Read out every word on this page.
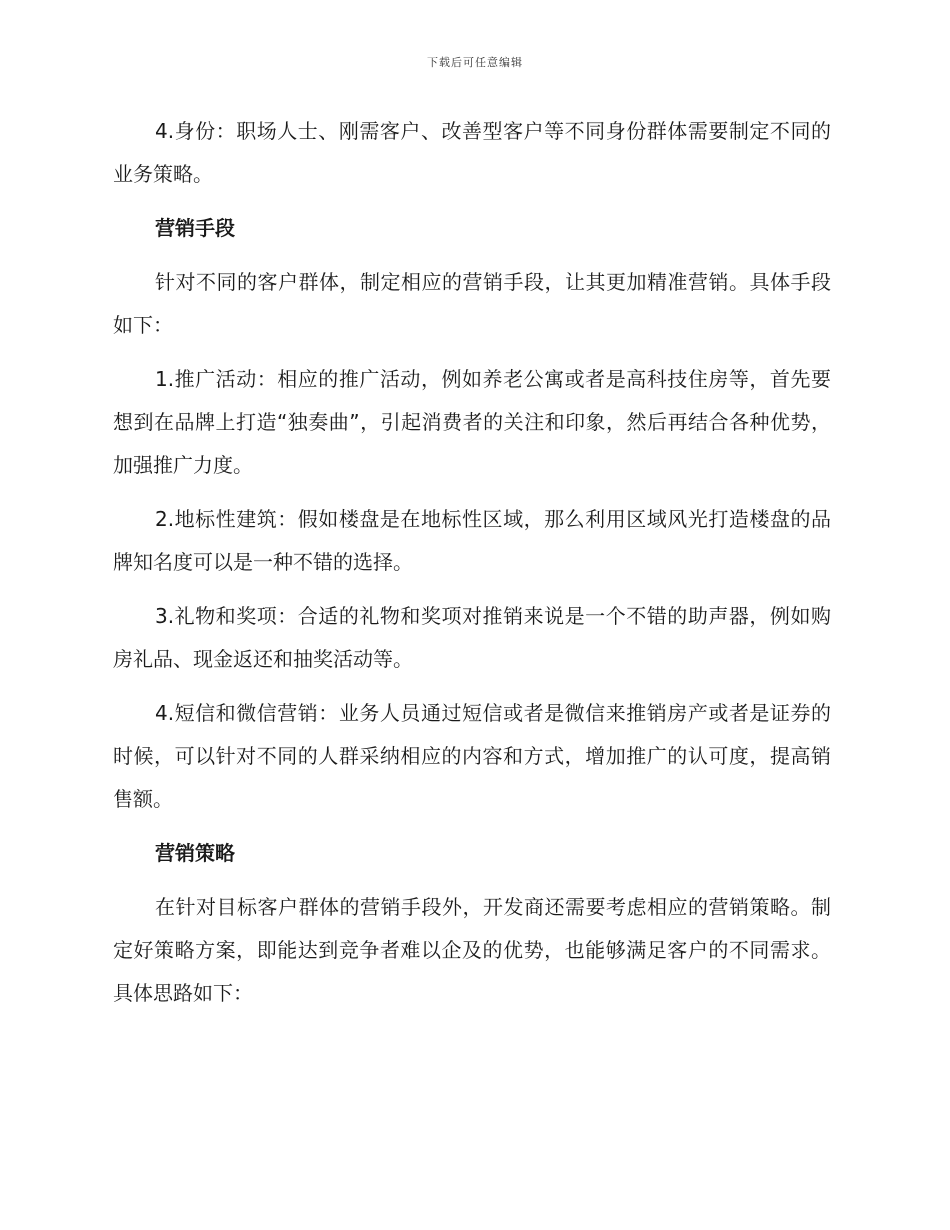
下载后可任意编辑

4.身份：职场人士、刚需客户、改善型客户等不同身份群体需要制定不同的业务策略。

营销手段

针对不同的客户群体，制定相应的营销手段，让其更加精准营销。具体手段如下：

1.推广活动：相应的推广活动，例如养老公寓或者是高科技住房等，首先要想到在品牌上打造“独奏曲”，引起消费者的关注和印象，然后再结合各种优势，加强推广力度。

2.地标性建筑：假如楼盘是在地标性区域，那么利用区域风光打造楼盘的品牌知名度可以是一种不错的选择。

3.礼物和奖项：合适的礼物和奖项对推销来说是一个不错的助声器，例如购房礼品、现金返还和抽奖活动等。

4.短信和微信营销：业务人员通过短信或者是微信来推销房产或者是证券的时候，可以针对不同的人群采纳相应的内容和方式，增加推广的认可度，提高销售额。

营销策略

在针对目标客户群体的营销手段外，开发商还需要考虑相应的营销策略。制定好策略方案，即能达到竞争者难以企及的优势，也能够满足客户的不同需求。具体思路如下：
